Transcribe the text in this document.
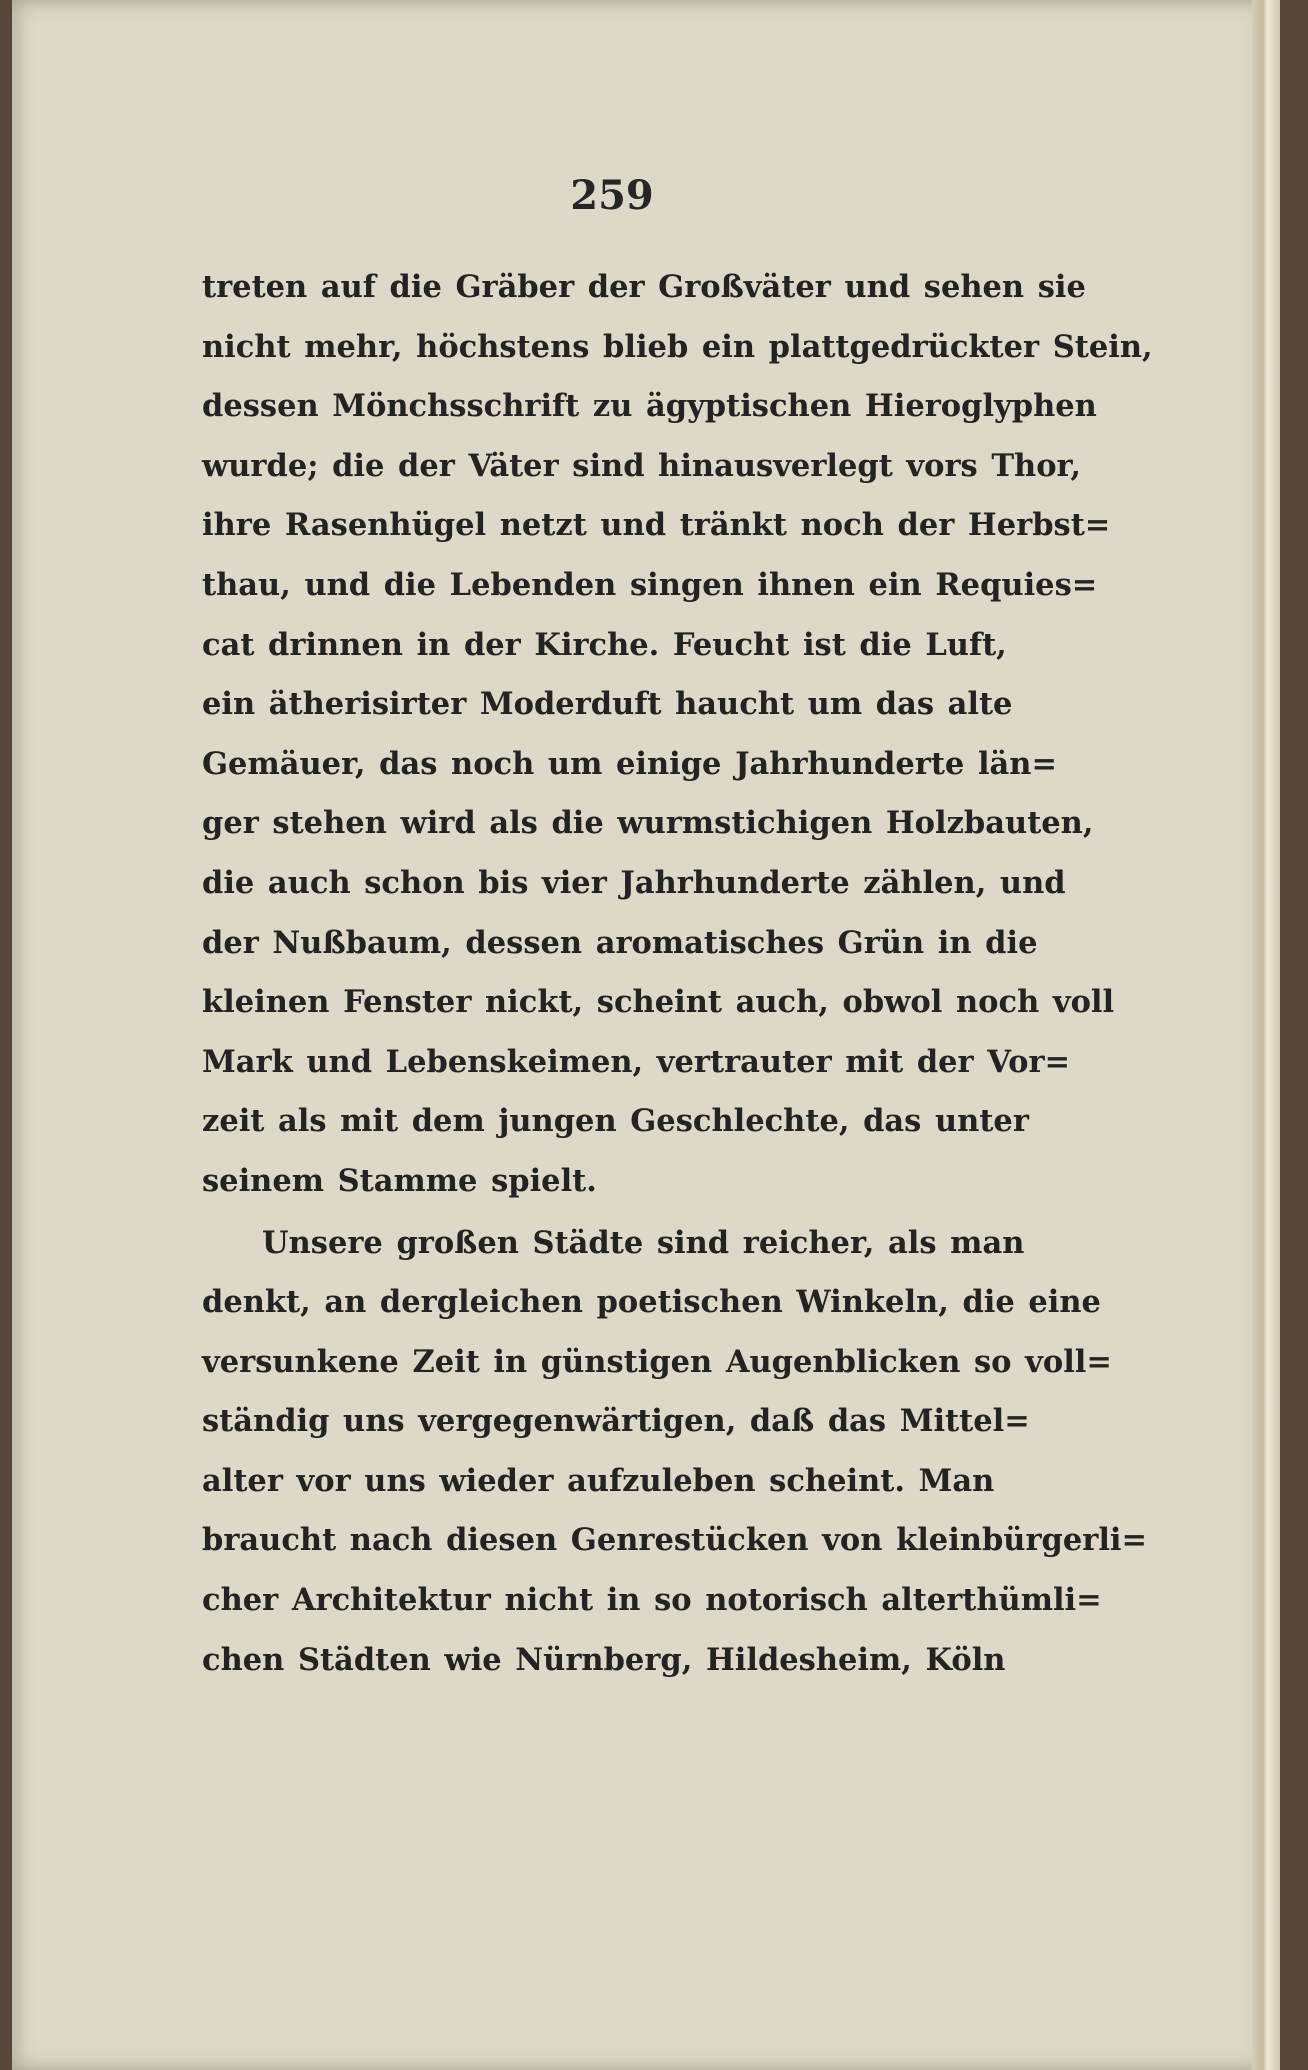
259
treten auf die Gräber der Großväter und sehen sie
nicht mehr, höchstens blieb ein plattgedrückter Stein,
dessen Mönchsschrift zu ägyptischen Hieroglyphen
wurde; die der Väter sind hinausverlegt vors Thor,
ihre Rasenhügel netzt und tränkt noch der Herbst=
thau, und die Lebenden singen ihnen ein Requies=
cat drinnen in der Kirche. Feucht ist die Luft,
ein ätherisirter Moderduft haucht um das alte
Gemäuer, das noch um einige Jahrhunderte län=
ger stehen wird als die wurmstichigen Holzbauten,
die auch schon bis vier Jahrhunderte zählen, und
der Nußbaum, dessen aromatisches Grün in die
kleinen Fenster nickt, scheint auch, obwol noch voll
Mark und Lebenskeimen, vertrauter mit der Vor=
zeit als mit dem jungen Geschlechte, das unter
seinem Stamme spielt.
Unsere großen Städte sind reicher, als man
denkt, an dergleichen poetischen Winkeln, die eine
versunkene Zeit in günstigen Augenblicken so voll=
ständig uns vergegenwärtigen, daß das Mittel=
alter vor uns wieder aufzuleben scheint. Man
braucht nach diesen Genrestücken von kleinbürgerli=
cher Architektur nicht in so notorisch alterthümli=
chen Städten wie Nürnberg, Hildesheim, Köln
